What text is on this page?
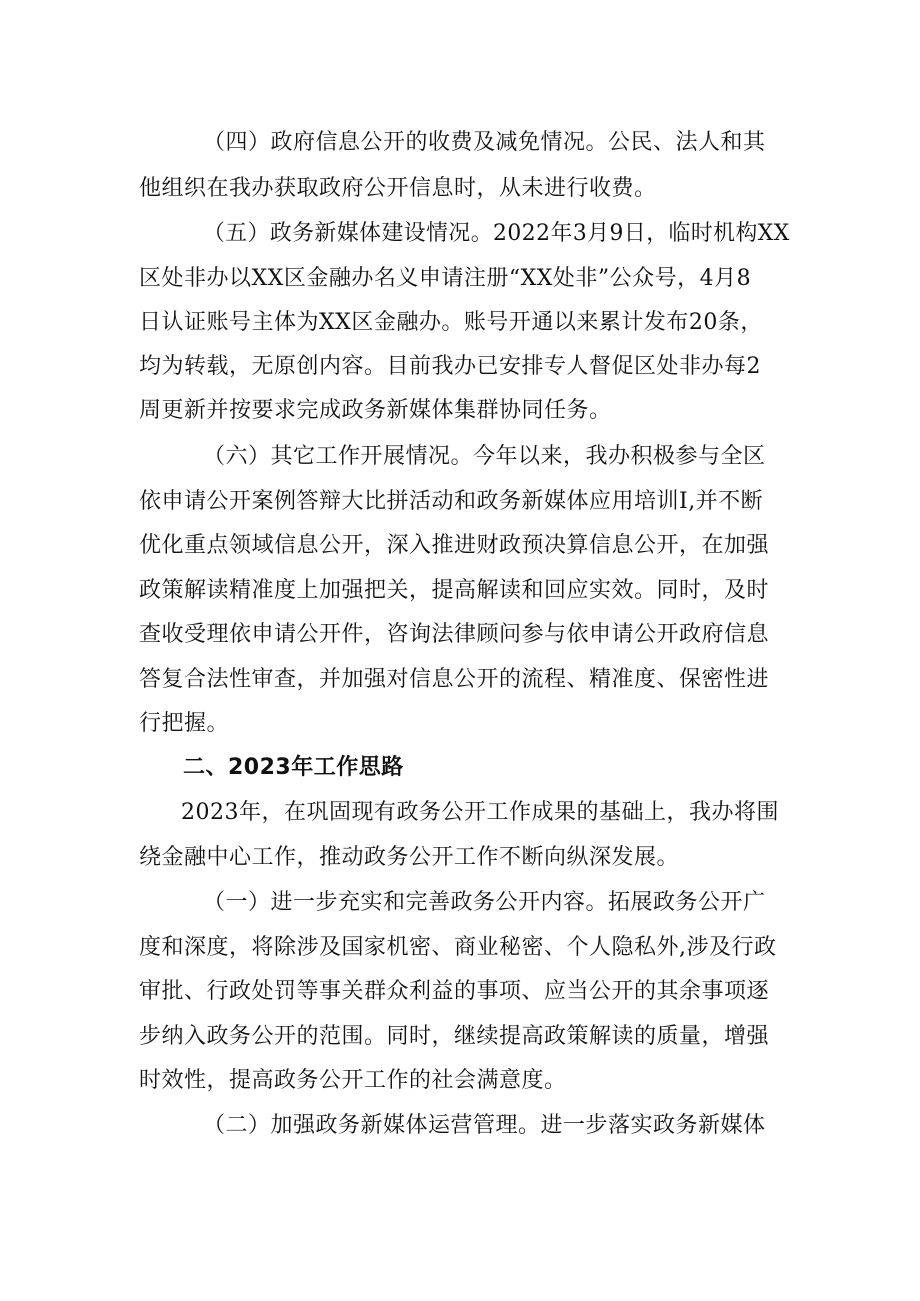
（四）政府信息公开的收费及减免情况。公民、法人和其
他组织在我办获取政府公开信息时，从未进行收费。
（五）政务新媒体建设情况。2022年3月9日，临时机构XX
区处非办以XX区金融办名义申请注册“XX处非”公众号，4月8
日认证账号主体为XX区金融办。账号开通以来累计发布20条，
均为转载，无原创内容。目前我办已安排专人督促区处非办每2
周更新并按要求完成政务新媒体集群协同任务。
（六）其它工作开展情况。今年以来，我办积极参与全区
依申请公开案例答辩大比拼活动和政务新媒体应用培训I,并不断
优化重点领域信息公开，深入推进财政预决算信息公开，在加强
政策解读精准度上加强把关，提高解读和回应实效。同时，及时
查收受理依申请公开件，咨询法律顾问参与依申请公开政府信息
答复合法性审查，并加强对信息公开的流程、精准度、保密性进
行把握。
二、2023年工作思路
2023年，在巩固现有政务公开工作成果的基础上，我办将围
绕金融中心工作，推动政务公开工作不断向纵深发展。
（一）进一步充实和完善政务公开内容。拓展政务公开广
度和深度，将除涉及国家机密、商业秘密、个人隐私外,涉及行政
审批、行政处罚等事关群众利益的事项、应当公开的其余事项逐
步纳入政务公开的范围。同时，继续提高政策解读的质量，增强
时效性，提高政务公开工作的社会满意度。
（二）加强政务新媒体运营管理。进一步落实政务新媒体
